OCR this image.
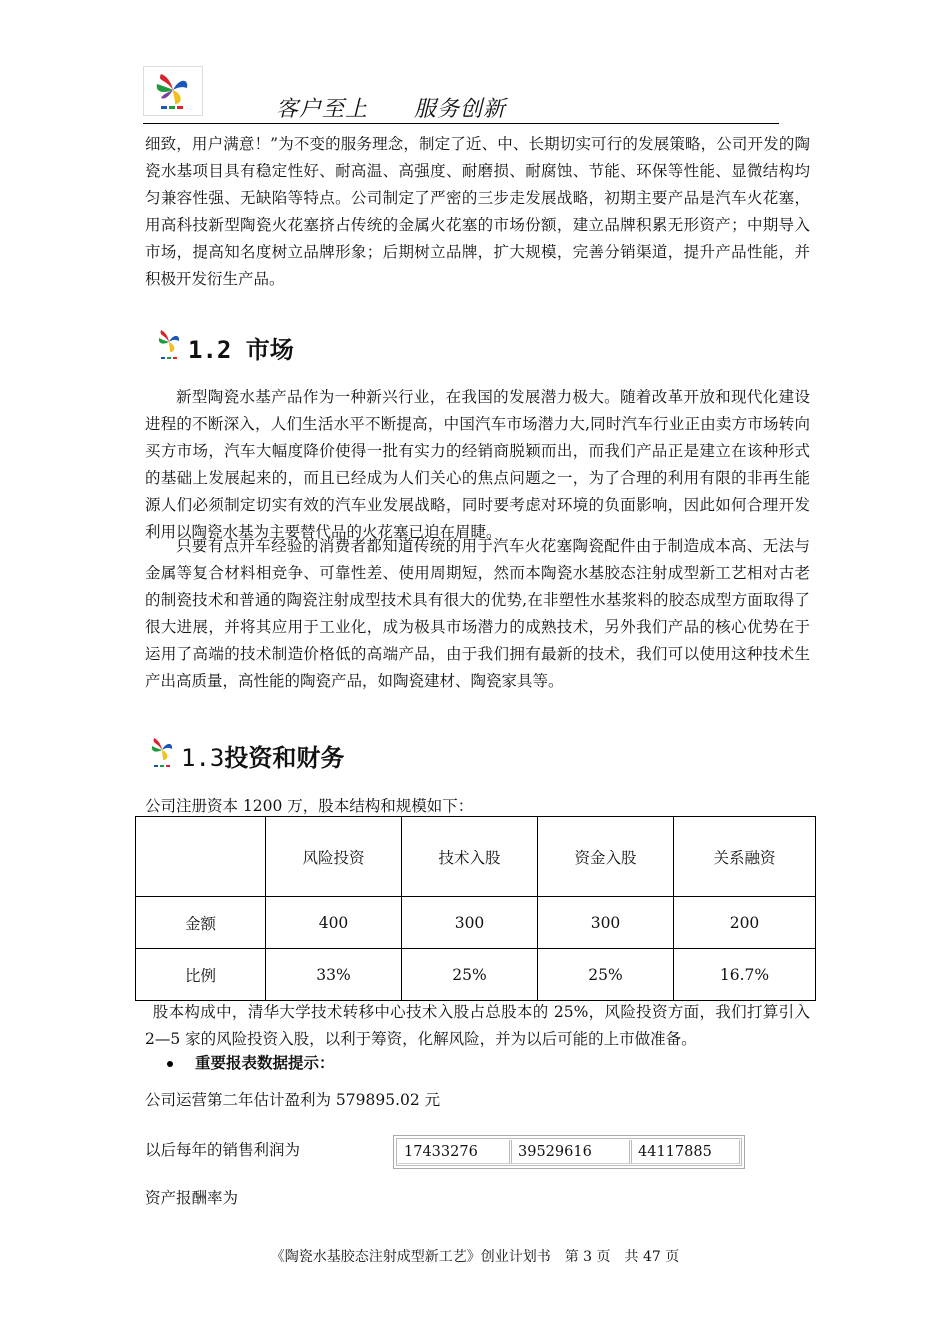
客户至上　　 服务创新

细致，用户满意！”为不变的服务理念，制定了近、中、长期切实可行的发展策略，公司开发的陶瓷水基项目具有稳定性好、耐高温、高强度、耐磨损、耐腐蚀、节能、环保等性能、显微结构均匀兼容性强、无缺陷等特点。公司制定了严密的三步走发展战略，初期主要产品是汽车火花塞，用高科技新型陶瓷火花塞挤占传统的金属火花塞的市场份额，建立品牌积累无形资产；中期导入市场，提高知名度树立品牌形象；后期树立品牌，扩大规模，完善分销渠道，提升产品性能，并积极开发衍生产品。

1.2 市场

新型陶瓷水基产品作为一种新兴行业，在我国的发展潜力极大。随着改革开放和现代化建设进程的不断深入，人们生活水平不断提高，中国汽车市场潜力大,同时汽车行业正由卖方市场转向买方市场，汽车大幅度降价使得一批有实力的经销商脱颖而出，而我们产品正是建立在该种形式的基础上发展起来的，而且已经成为人们关心的焦点问题之一，为了合理的利用有限的非再生能源人们必须制定切实有效的汽车业发展战略，同时要考虑对环境的负面影响，因此如何合理开发利用以陶瓷水基为主要替代品的火花塞已迫在眉睫。

只要有点开车经验的消费者都知道传统的用于汽车火花塞陶瓷配件由于制造成本高、无法与金属等复合材料相竞争、可靠性差、使用周期短，然而本陶瓷水基胶态注射成型新工艺相对古老的制瓷技术和普通的陶瓷注射成型技术具有很大的优势,在非塑性水基浆料的胶态成型方面取得了很大进展，并将其应用于工业化，成为极具市场潜力的成熟技术，另外我们产品的核心优势在于运用了高端的技术制造价格低的高端产品，由于我们拥有最新的技术，我们可以使用这种技术生产出高质量，高性能的陶瓷产品，如陶瓷建材、陶瓷家具等。

1.3投资和财务
公司注册资本 1200 万，股本结构和规模如下：
	风险投资	技术入股	资金入股	关系融资
金额	400	300	300	200
比例	33%	25%	25%	16.7%

股本构成中，清华大学技术转移中心技术入股占总股本的 25%，风险投资方面，我们打算引入 2—5 家的风险投资入股，以利于筹资，化解风险，并为以后可能的上市做准备。

重要报表数据提示：
公司运营第二年估计盈利为 579895.02 元
以后每年的销售利润为	17433276	39529616	44117885
资产报酬率为
《陶瓷水基胶态注射成型新工艺》创业计划书　第 3 页　共 47 页
